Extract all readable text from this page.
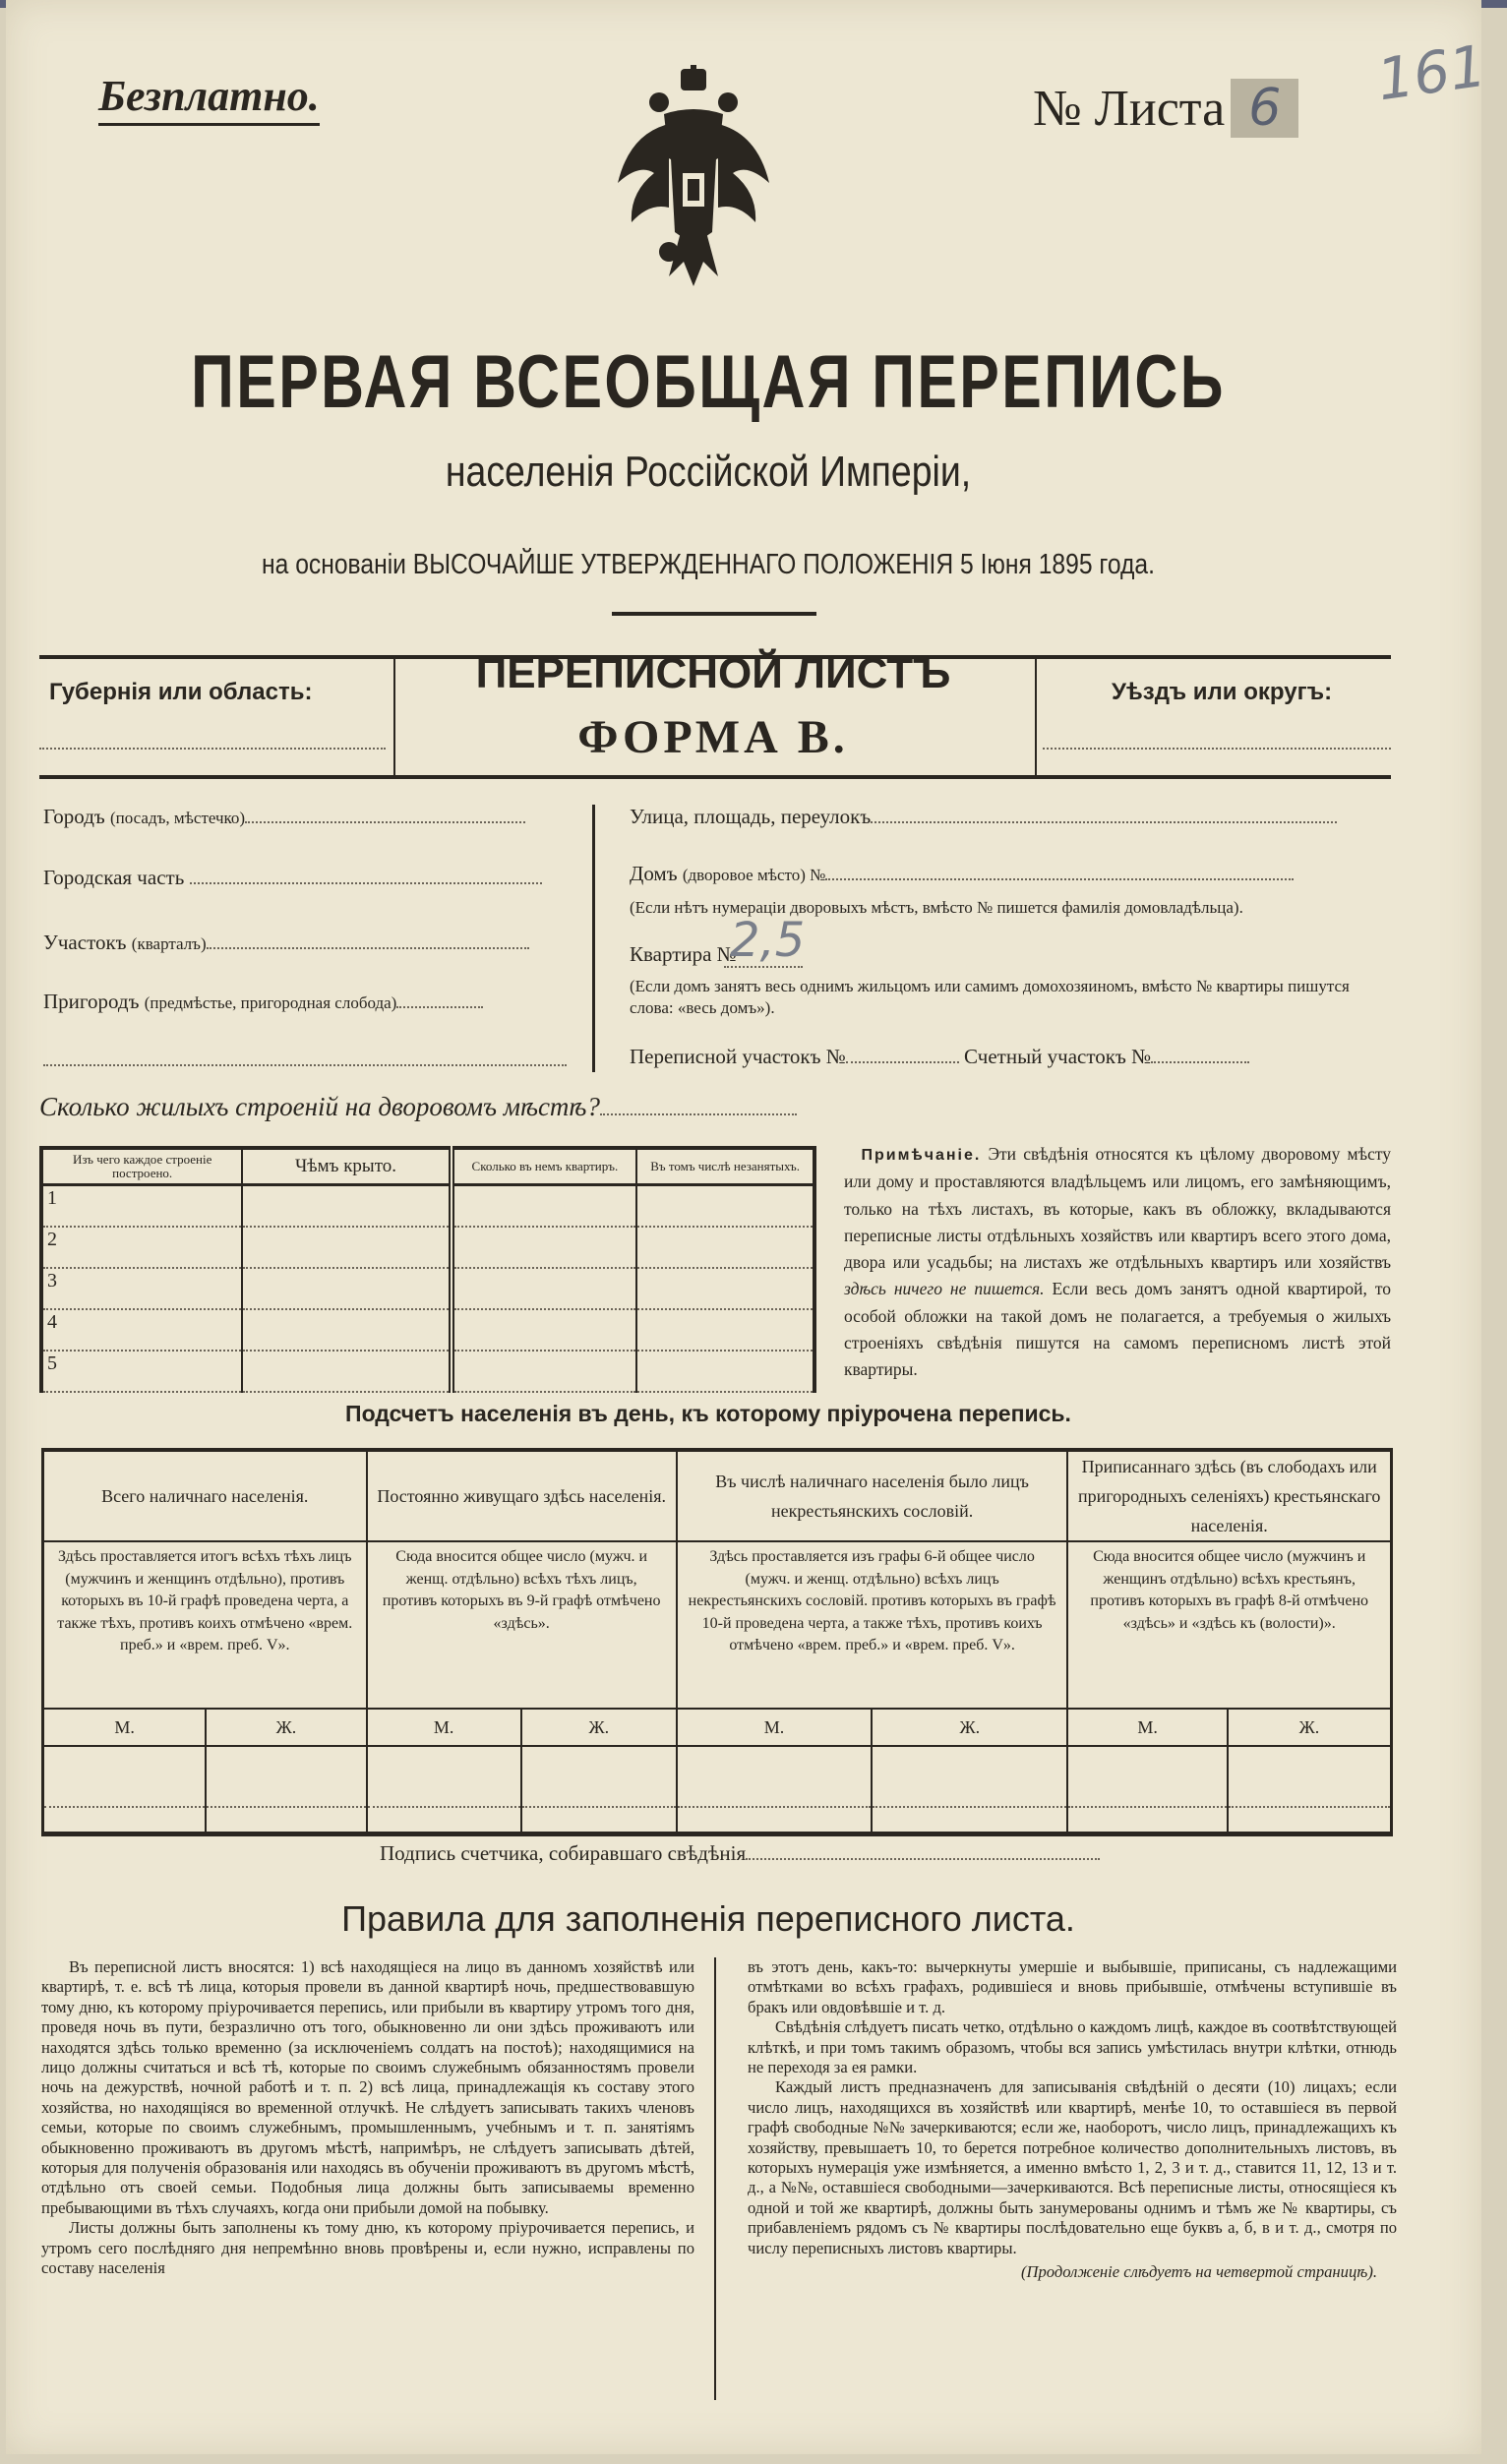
Безплатно.	№ Листа 6	161
ПЕРВАЯ ВСЕОБЩАЯ ПЕРЕПИСЬ
населенія Россійской Имперіи,
на основаніи ВЫСОЧАЙШЕ УТВЕРЖДЕННАГО ПОЛОЖЕНІЯ 5 Іюня 1895 года.
Губернія или область:	ПЕРЕПИСНОЙ ЛИСТЪ
ФОРМА В.
Уѣздъ или округъ:
Городъ (посадъ, мѣстечко)
Городская часть
Участокъ (кварталъ)
Пригородъ (предмѣстье, пригородная слобода)
Улица, площадь, переулокъ
Домъ (дворовое мѣсто) №
(Если нѣтъ нумераціи дворовыхъ мѣстъ, вмѣсто № пишется фамилія домовладѣльца).
Квартира №
2,5
(Если домъ занятъ весь однимъ жильцомъ или самимъ домохозяиномъ, вмѣсто № квартиры пишутся слова: «весь домъ»).
Переписной участокъ №	Счетный участокъ №
Сколько жилыхъ строеній на дворовомъ мѣстѣ?
Изъ чего каждое строеніе построено.	Чѣмъ крыто.	Сколько въ немъ квартиръ.	Въ томъ числѣ незанятыхъ.
1			
2			
3			
4			
5			
 Примѣчаніе. Эти свѣдѣнія относятся къ цѣлому дворовому мѣсту или дому и проставляются владѣльцемъ или лицомъ, его замѣняющимъ, только на тѣхъ листахъ, въ которые, какъ въ обложку, вкладываются переписные листы отдѣльныхъ хозяйствъ или квартиръ всего этого дома, двора или усадьбы; на листахъ же отдѣльныхъ квартиръ или хозяйствъ здѣсь ничего не пишется. Если весь домъ занятъ одной квартирой, то особой обложки на такой домъ не полагается, а требуемыя о жилыхъ строеніяхъ свѣдѣнія пишутся на самомъ переписномъ листѣ этой квартиры.
Подсчетъ населенія въ день, къ которому пріурочена перепись.
Всего наличнаго населенія.		Постоянно живущаго здѣсь населенія.		Въ числѣ наличнаго населенія было лицъ некрестьянскихъ сословій.		Приписаннаго здѣсь (въ слободахъ или пригородныхъ селеніяхъ) крестьянскаго населенія.	
Здѣсь проставляется итогъ всѣхъ тѣхъ лицъ (мужчинъ и женщинъ отдѣльно), противъ которыхъ въ 10-й графѣ проведена черта, а также тѣхъ, противъ коихъ отмѣчено «врем. преб.» и «врем. преб. V».		Сюда вносится общее число (мужч. и женщ. отдѣльно) всѣхъ тѣхъ лицъ, противъ которыхъ въ 9-й графѣ отмѣчено «здѣсь».		Здѣсь проставляется изъ графы 6-й общее число (мужч. и женщ. отдѣльно) всѣхъ лицъ некрестьянскихъ сословій. противъ которыхъ въ графѣ 10-й проведена черта, а также тѣхъ, противъ коихъ отмѣчено «врем. преб.» и «врем. преб. V».		Сюда вносится общее число (мужчинъ и женщинъ отдѣльно) всѣхъ крестьянъ, противъ которыхъ въ графѣ 8-й отмѣчено «здѣсь» и «здѣсь къ (волости)».	
М.	Ж.	М.	Ж.	М.	Ж.	М.	Ж.

Подпись счетчика, собиравшаго свѣдѣнія
Правила для заполненія переписного листа.

Въ переписной листъ вносятся: 1) всѣ находящіеся на лицо въ данномъ хозяйствѣ или квартирѣ, т. е. всѣ тѣ лица, которыя провели въ данной квартирѣ ночь, предшествовавшую тому дню, къ которому пріурочивается перепись, или прибыли въ квартиру утромъ того дня, проведя ночь въ пути, безразлично отъ того, обыкновенно ли они здѣсь проживаютъ или находятся здѣсь только временно (за исключеніемъ солдатъ на постоѣ); находящимися на лицо должны считаться и всѣ тѣ, которые по своимъ служебнымъ обязанностямъ провели ночь на дежурствѣ, ночной работѣ и т. п. 2) всѣ лица, принадлежащія къ составу этого хозяйства, но находящіяся во временной отлучкѣ. Не слѣдуетъ записывать такихъ членовъ семьи, которые по своимъ служебнымъ, промышленнымъ, учебнымъ и т. п. занятіямъ обыкновенно проживаютъ въ другомъ мѣстѣ, напримѣръ, не слѣдуетъ записывать дѣтей, которыя для полученія образованія или находясь въ обученіи проживаютъ въ другомъ мѣстѣ, отдѣльно отъ своей семьи. Подобныя лица должны быть записываемы временно пребывающими въ тѣхъ случаяхъ, когда они прибыли домой на побывку.

Листы должны быть заполнены къ тому дню, къ которому пріурочивается перепись, и утромъ сего послѣдняго дня непремѣнно вновь провѣрены и, если нужно, исправлены по составу населенія

въ этотъ день, какъ-то: вычеркнуты умершіе и выбывшіе, приписаны, съ надлежащими отмѣтками во всѣхъ графахъ, родившіеся и вновь прибывшіе, отмѣчены вступившіе въ бракъ или овдовѣвшіе и т. д.

Свѣдѣнія слѣдуетъ писать четко, отдѣльно о каждомъ лицѣ, каждое въ соотвѣтствующей клѣткѣ, и при томъ такимъ образомъ, чтобы вся запись умѣстилась внутри клѣтки, отнюдь не переходя за ея рамки.

Каждый листъ предназначенъ для записыванія свѣдѣній о десяти (10) лицахъ; если число лицъ, находящихся въ хозяйствѣ или квартирѣ, менѣе 10, то оставшіеся въ первой графѣ свободные №№ зачеркиваются; если же, наоборотъ, число лицъ, принадлежащихъ къ хозяйству, превышаетъ 10, то берется потребное количество дополнительныхъ листовъ, въ которыхъ нумерація уже измѣняется, а именно вмѣсто 1, 2, 3 и т. д., ставится 11, 12, 13 и т. д., а №№, оставшіеся свободными—зачеркиваются. Всѣ переписные листы, относящіеся къ одной и той же квартирѣ, должны быть занумерованы однимъ и тѣмъ же № квартиры, съ прибавленіемъ рядомъ съ № квартиры послѣдовательно еще буквъ а, б, в и т. д., смотря по числу переписныхъ листовъ квартиры.

(Продолженіе слѣдуетъ на четвертой страницѣ).
